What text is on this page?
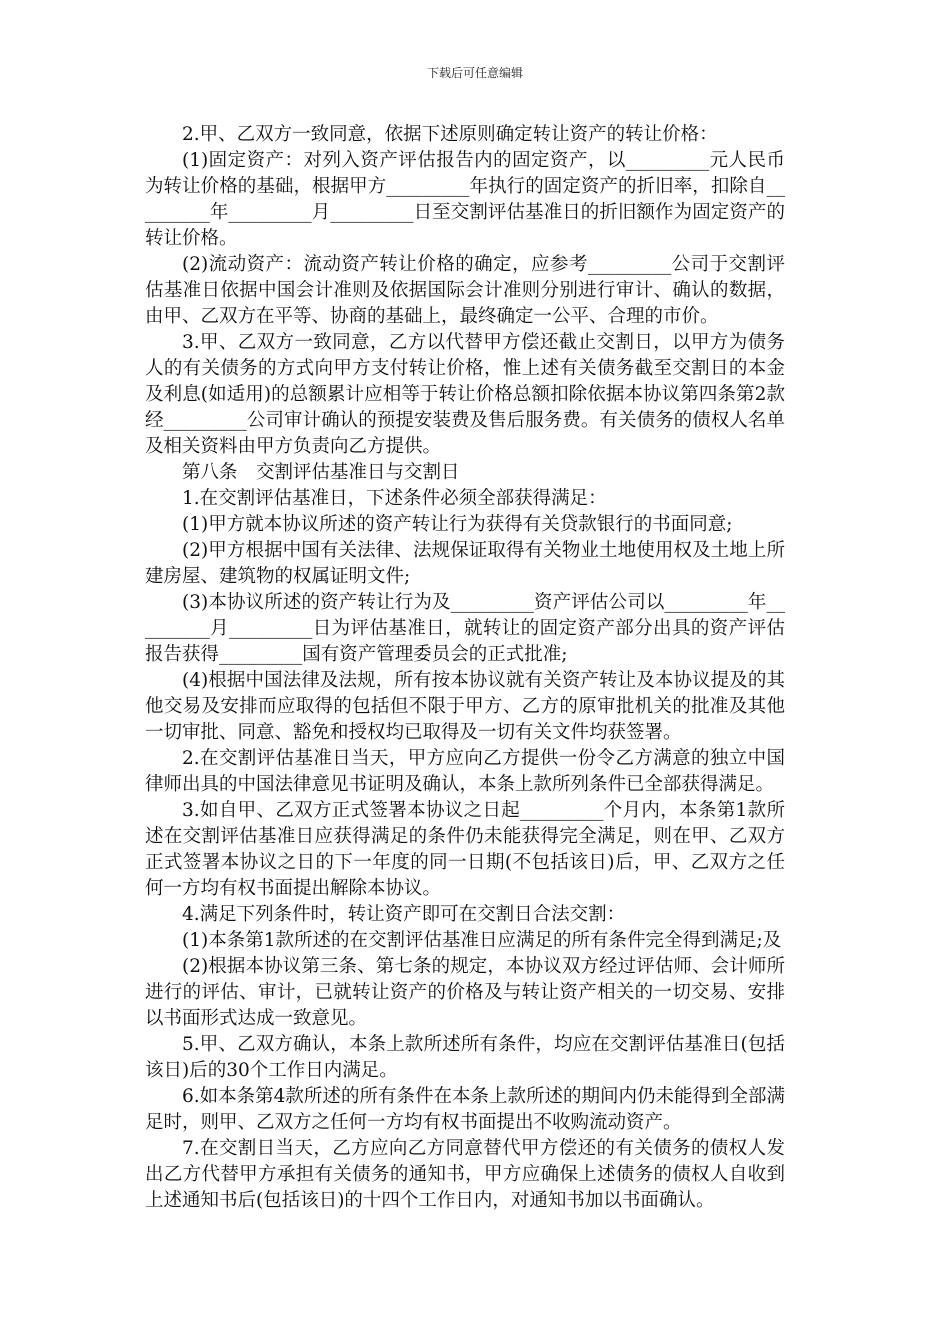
下载后可任意编辑

2.甲、乙双方一致同意，依据下述原则确定转让资产的转让价格：

(1)固定资产：对列入资产评估报告内的固定资产，以_________元人民币为转让价格的基础，根据甲方_________年执行的固定资产的折旧率，扣除自_________年_________月_________日至交割评估基准日的折旧额作为固定资产的转让价格。

(2)流动资产：流动资产转让价格的确定，应参考_________公司于交割评估基准日依据中国会计准则及依据国际会计准则分别进行审计、确认的数据，由甲、乙双方在平等、协商的基础上，最终确定一公平、合理的市价。

3.甲、乙双方一致同意，乙方以代替甲方偿还截止交割日，以甲方为债务人的有关债务的方式向甲方支付转让价格，惟上述有关债务截至交割日的本金及利息(如适用)的总额累计应相等于转让价格总额扣除依据本协议第四条第2款经_________公司审计确认的预提安装费及售后服务费。有关债务的债权人名单及相关资料由甲方负责向乙方提供。

第八条　交割评估基准日与交割日

1.在交割评估基准日，下述条件必须全部获得满足：

(1)甲方就本协议所述的资产转让行为获得有关贷款银行的书面同意;

(2)甲方根据中国有关法律、法规保证取得有关物业土地使用权及土地上所建房屋、建筑物的权属证明文件;

(3)本协议所述的资产转让行为及_________资产评估公司以_________年_________月_________日为评估基准日，就转让的固定资产部分出具的资产评估报告获得_________国有资产管理委员会的正式批准;

(4)根据中国法律及法规，所有按本协议就有关资产转让及本协议提及的其他交易及安排而应取得的包括但不限于甲方、乙方的原审批机关的批准及其他一切审批、同意、豁免和授权均已取得及一切有关文件均获签署。

2.在交割评估基准日当天，甲方应向乙方提供一份令乙方满意的独立中国律师出具的中国法律意见书证明及确认，本条上款所列条件已全部获得满足。

3.如自甲、乙双方正式签署本协议之日起_________个月内，本条第1款所述在交割评估基准日应获得满足的条件仍未能获得完全满足，则在甲、乙双方正式签署本协议之日的下一年度的同一日期(不包括该日)后，甲、乙双方之任何一方均有权书面提出解除本协议。

4.满足下列条件时，转让资产即可在交割日合法交割：

(1)本条第1款所述的在交割评估基准日应满足的所有条件完全得到满足;及

(2)根据本协议第三条、第七条的规定，本协议双方经过评估师、会计师所进行的评估、审计，已就转让资产的价格及与转让资产相关的一切交易、安排以书面形式达成一致意见。

5.甲、乙双方确认，本条上款所述所有条件，均应在交割评估基准日(包括该日)后的30个工作日内满足。

6.如本条第4款所述的所有条件在本条上款所述的期间内仍未能得到全部满足时，则甲、乙双方之任何一方均有权书面提出不收购流动资产。

7.在交割日当天，乙方应向乙方同意替代甲方偿还的有关债务的债权人发出乙方代替甲方承担有关债务的通知书，甲方应确保上述债务的债权人自收到上述通知书后(包括该日)的十四个工作日内，对通知书加以书面确认。
